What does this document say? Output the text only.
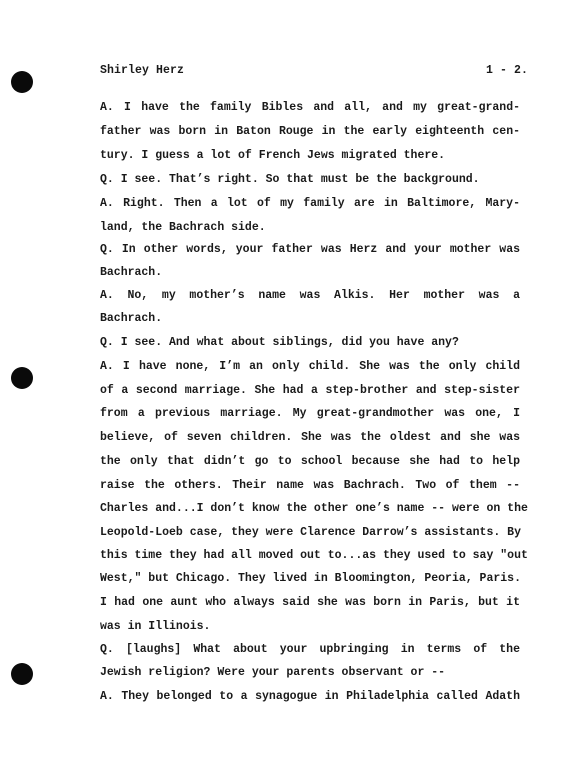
Shirley Herz	1 - 2.
A. I have the family Bibles and all, and my great-grand-
father was born in Baton Rouge in the early eighteenth cen-
tury. I guess a lot of French Jews migrated there.
Q. I see. That’s right. So that must be the background.
A. Right. Then a lot of my family are in Baltimore, Mary-
land, the Bachrach side.
Q. In other words, your father was Herz and your mother was
Bachrach.
A. No, my mother’s name was Alkis. Her mother was a
Bachrach.
Q. I see. And what about siblings, did you have any?
A. I have none, I’m an only child. She was the only child
of a second marriage. She had a step-brother and step-sister
from a previous marriage. My great-grandmother was one, I
believe, of seven children. She was the oldest and she was
the only that didn’t go to school because she had to help
raise the others. Their name was Bachrach. Two of them --
Charles and...I don’t know the other one’s name -- were on the
Leopold-Loeb case, they were Clarence Darrow’s assistants. By
this time they had all moved out to...as they used to say "out
West," but Chicago. They lived in Bloomington, Peoria, Paris.
I had one aunt who always said she was born in Paris, but it
was in Illinois.
Q. [laughs] What about your upbringing in terms of the
Jewish religion? Were your parents observant or --
A. They belonged to a synagogue in Philadelphia called Adath
